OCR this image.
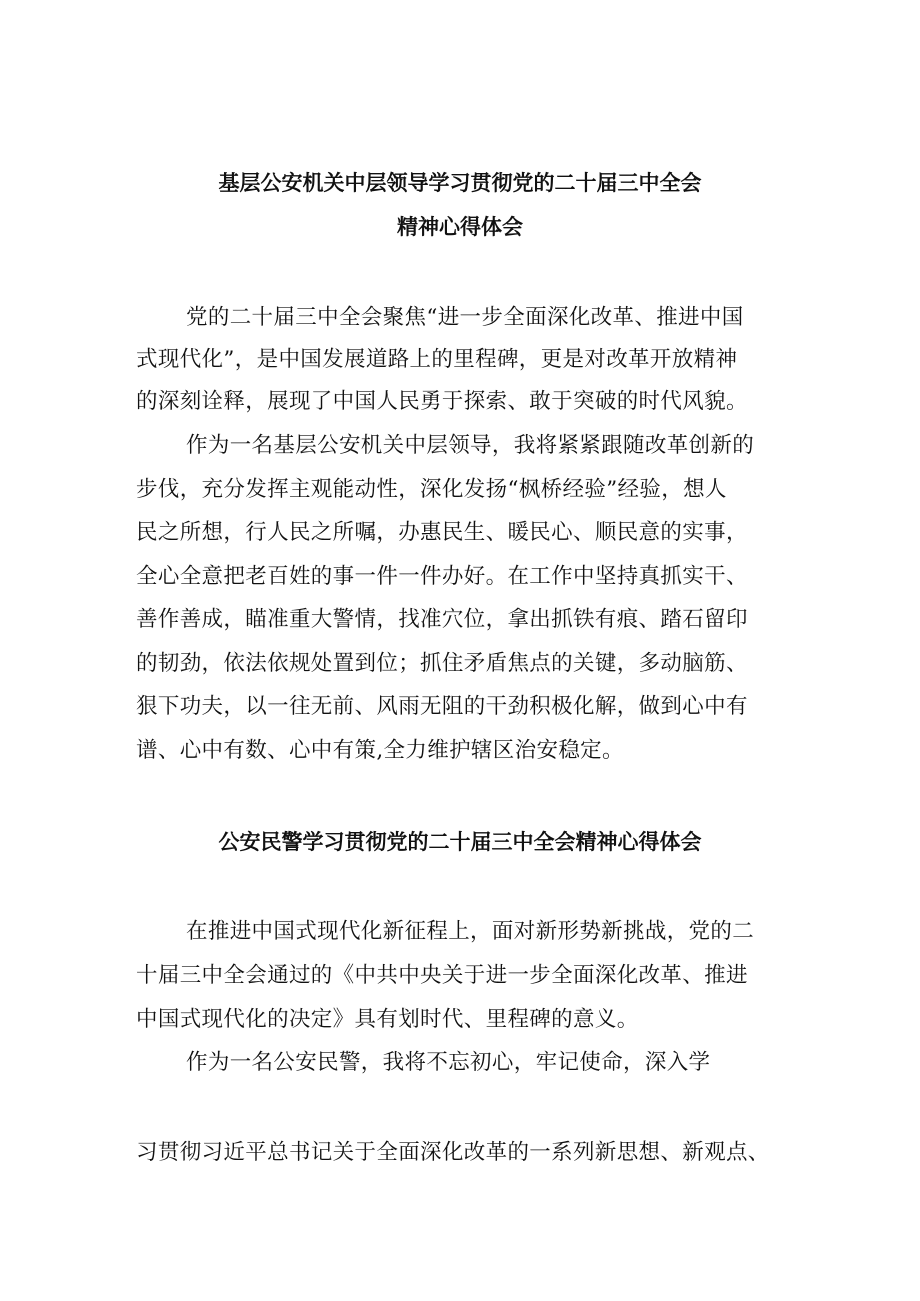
基层公安机关中层领导学习贯彻党的二十届三中全会
精神心得体会
党的二十届三中全会聚焦“进一步全面深化改革、推进中国
式现代化”，是中国发展道路上的里程碑，更是对改革开放精神
的深刻诠释，展现了中国人民勇于探索、敢于突破的时代风貌。
作为一名基层公安机关中层领导，我将紧紧跟随改革创新的
步伐，充分发挥主观能动性，深化发扬“枫桥经验”经验，想人
民之所想，行人民之所嘱，办惠民生、暖民心、顺民意的实事，
全心全意把老百姓的事一件一件办好。在工作中坚持真抓实干、
善作善成，瞄准重大警情，找准穴位，拿出抓铁有痕、踏石留印
的韧劲，依法依规处置到位；抓住矛盾焦点的关键，多动脑筋、
狠下功夫，以一往无前、风雨无阻的干劲积极化解，做到心中有
谱、心中有数、心中有策,全力维护辖区治安稳定。
公安民警学习贯彻党的二十届三中全会精神心得体会
在推进中国式现代化新征程上，面对新形势新挑战，党的二
十届三中全会通过的《中共中央关于进一步全面深化改革、推进
中国式现代化的决定》具有划时代、里程碑的意义。
作为一名公安民警，我将不忘初心，牢记使命，深入学
习贯彻习近平总书记关于全面深化改革的一系列新思想、新观点、
